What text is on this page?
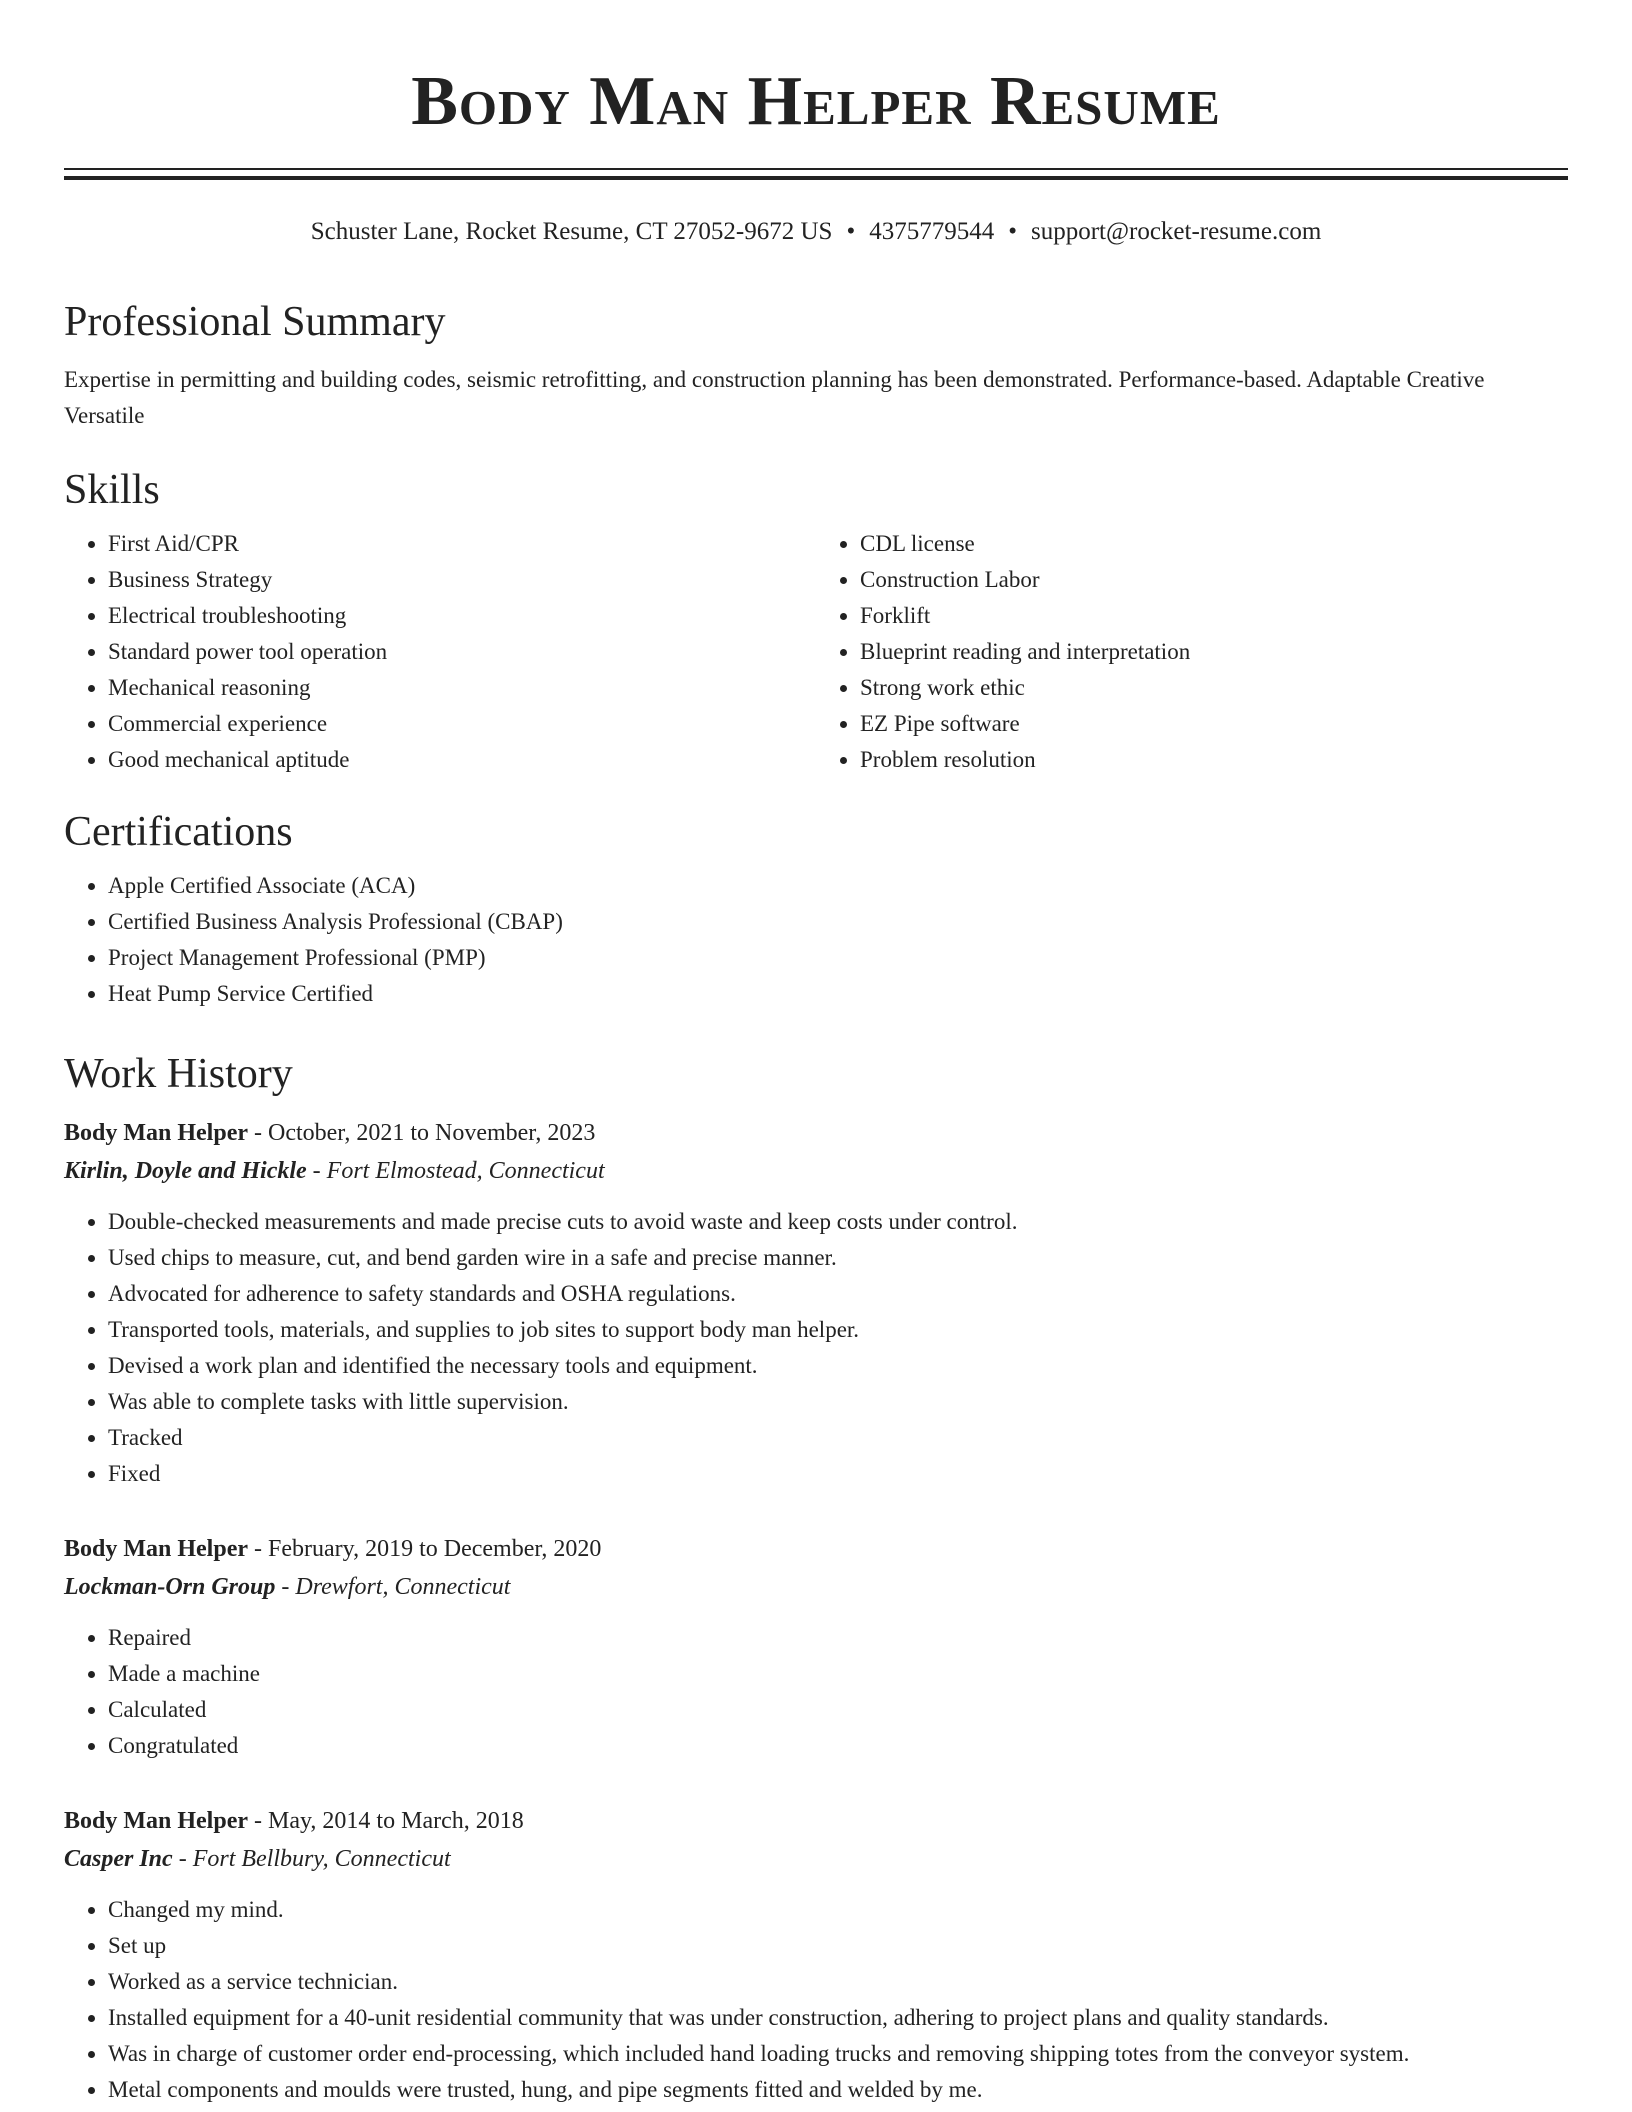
Body Man Helper Resume
Schuster Lane, Rocket Resume, CT 27052-9672 US • 4375779544 • support@rocket-resume.com
Professional Summary
Expertise in permitting and building codes, seismic retrofitting, and construction planning has been demonstrated. Performance-based. Adaptable Creative Versatile
Skills
• First Aid/CPR
• Business Strategy
• Electrical troubleshooting
• Standard power tool operation
• Mechanical reasoning
• Commercial experience
• Good mechanical aptitude
• CDL license
• Construction Labor
• Forklift
• Blueprint reading and interpretation
• Strong work ethic
• EZ Pipe software
• Problem resolution
Certifications
• Apple Certified Associate (ACA)
• Certified Business Analysis Professional (CBAP)
• Project Management Professional (PMP)
• Heat Pump Service Certified
Work History
Body Man Helper - October, 2021 to November, 2023
Kirlin, Doyle and Hickle - Fort Elmostead, Connecticut
• Double-checked measurements and made precise cuts to avoid waste and keep costs under control.
• Used chips to measure, cut, and bend garden wire in a safe and precise manner.
• Advocated for adherence to safety standards and OSHA regulations.
• Transported tools, materials, and supplies to job sites to support body man helper.
• Devised a work plan and identified the necessary tools and equipment.
• Was able to complete tasks with little supervision.
• Tracked
• Fixed
Body Man Helper - February, 2019 to December, 2020
Lockman-Orn Group - Drewfort, Connecticut
• Repaired
• Made a machine
• Calculated
• Congratulated
Body Man Helper - May, 2014 to March, 2018
Casper Inc - Fort Bellbury, Connecticut
• Changed my mind.
• Set up
• Worked as a service technician.
• Installed equipment for a 40-unit residential community that was under construction, adhering to project plans and quality standards.
• Was in charge of customer order end-processing, which included hand loading trucks and removing shipping totes from the conveyor system.
• Metal components and moulds were trusted, hung, and pipe segments fitted and welded by me.
